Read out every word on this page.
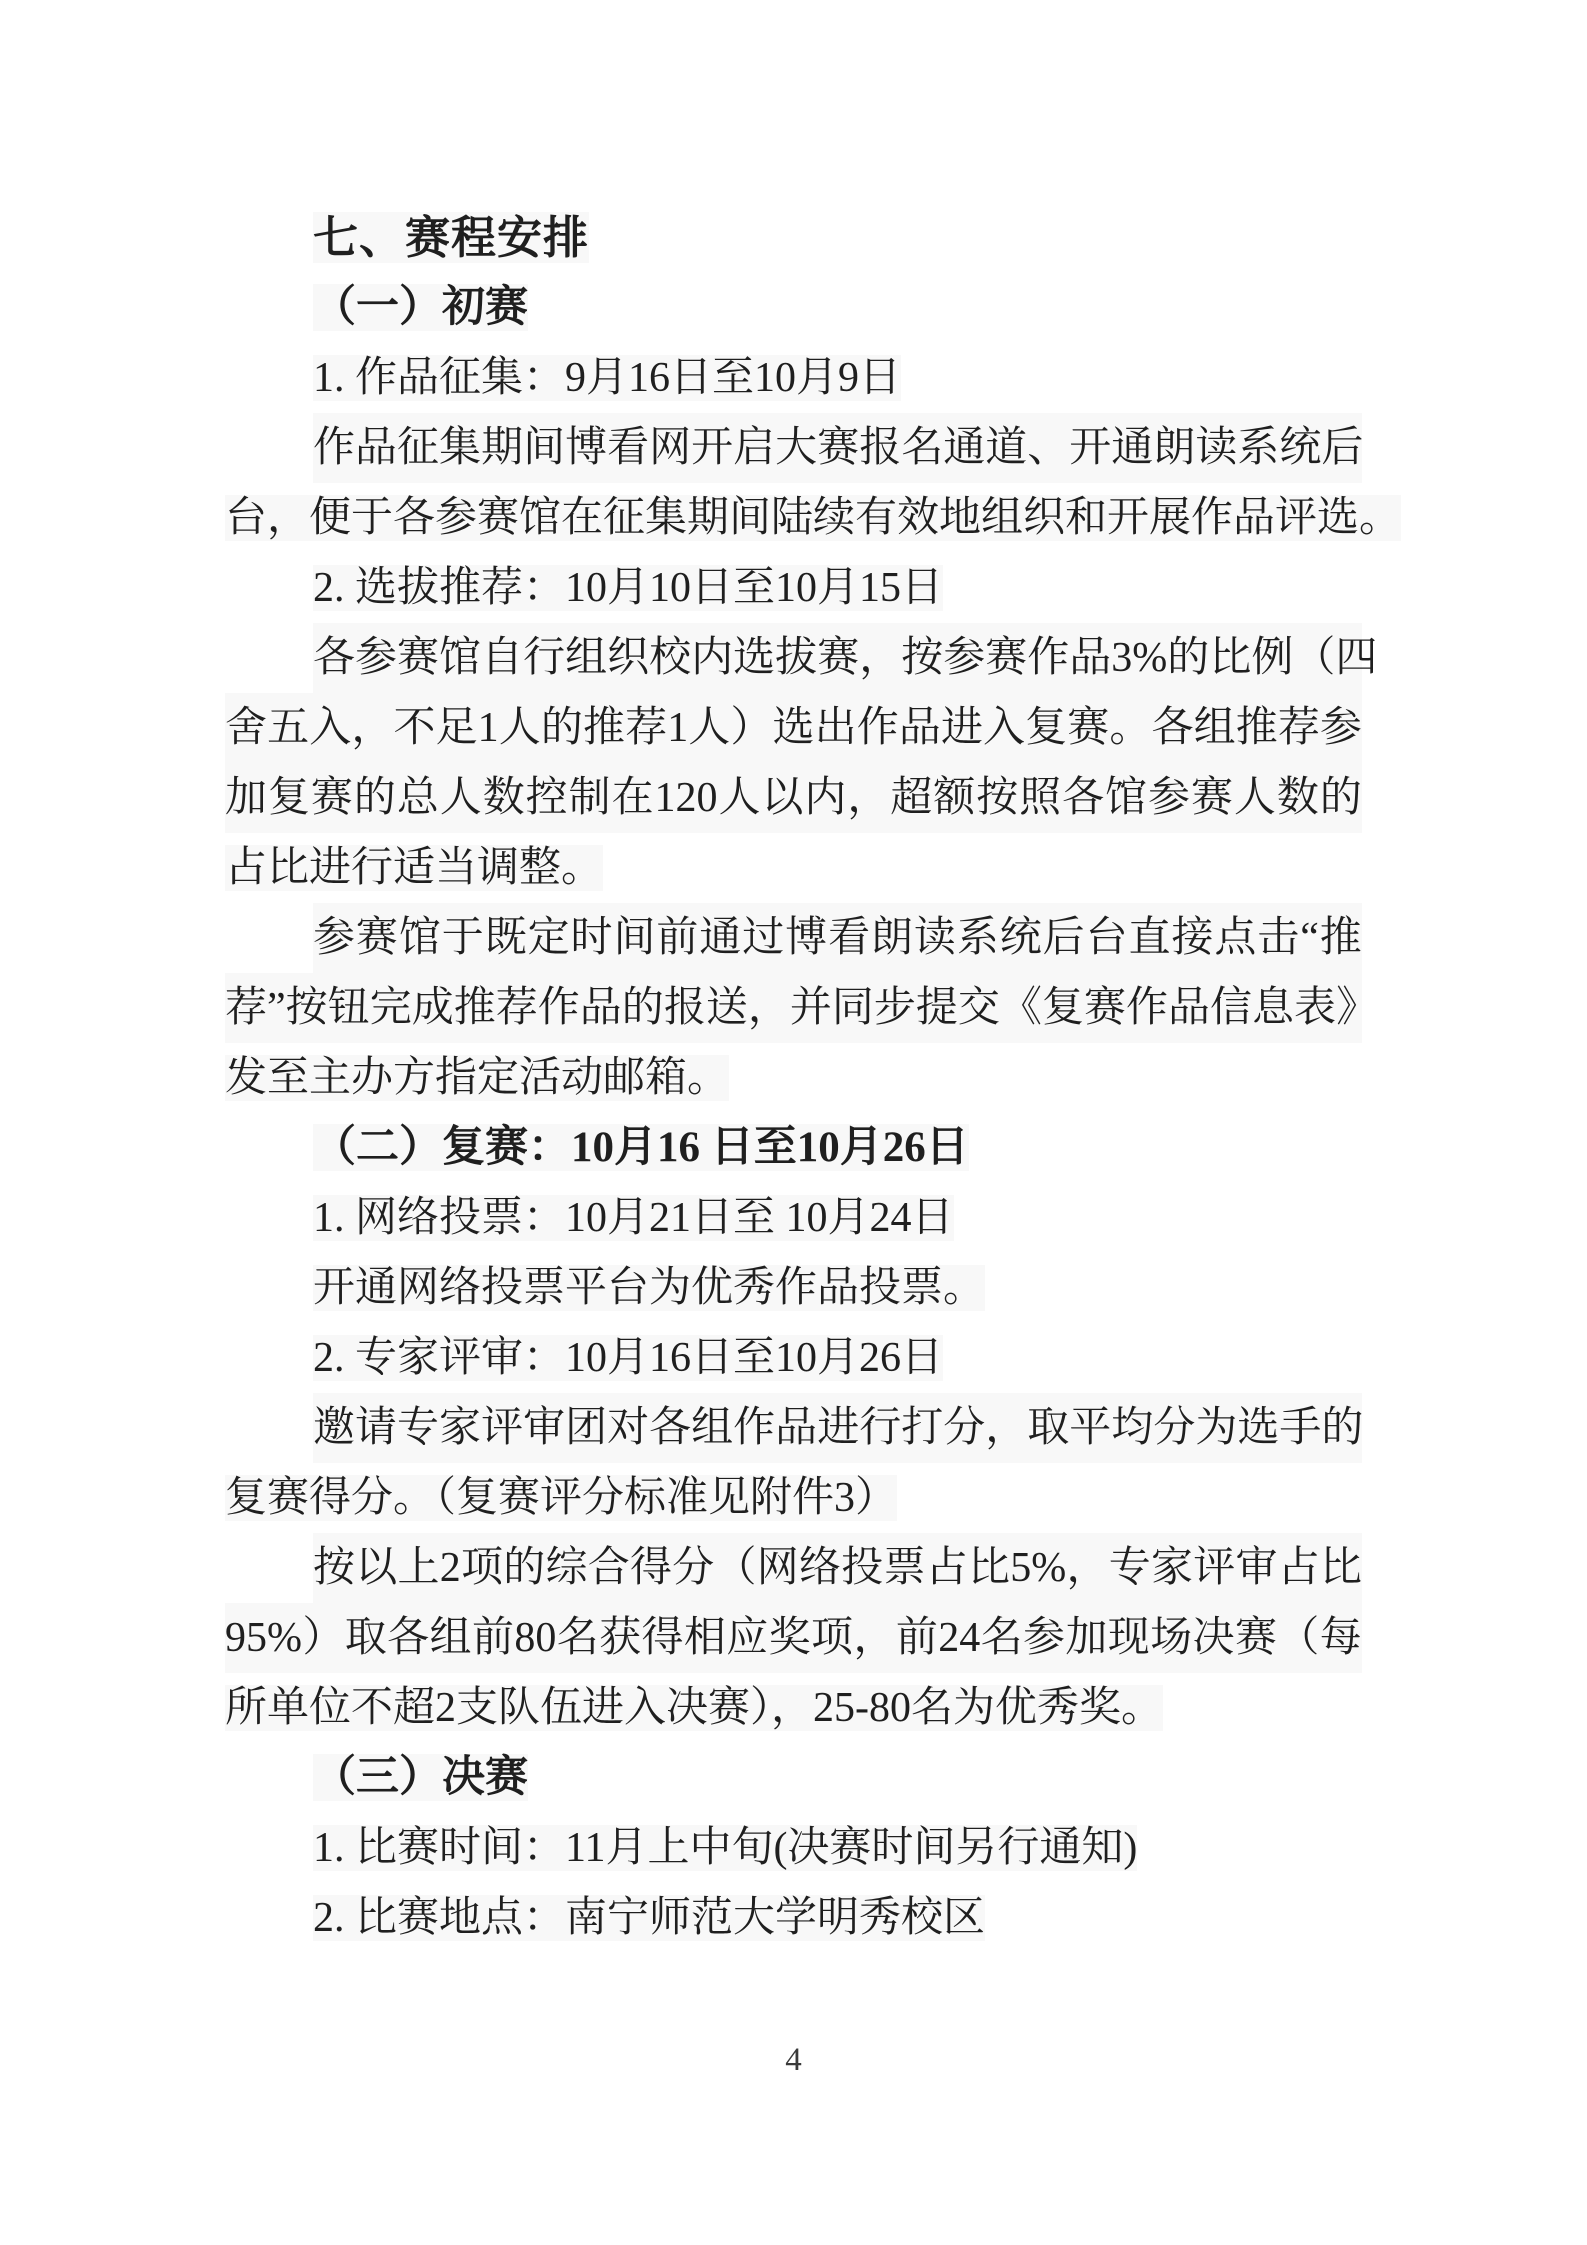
七、赛程安排
（一）初赛
1. 作品征集：9月16日至10月9日
作 品 征 集 期 间 博 看 网 开 启 大 赛 报 名 通 道 、 开 通 朗 读 系 统 后
台，便于各参赛馆在征集期间陆续有效地组织和开展作品评选。
2. 选拔推荐：10月10日至10月15日
各 参 赛 馆 自 行 组 织 校 内 选 拔 赛 ， 按 参 赛 作 品 3% 的 比 例 （ 四
舍 五 入 ， 不 足 1 人 的 推 荐 1 人 ） 选 出 作 品 进 入 复 赛 。 各 组 推 荐 参
加 复 赛 的 总 人 数 控 制 在 120 人 以 内 ， 超 额 按 照 各 馆 参 赛 人 数 的
占比进行适当调整。
参 赛 馆 于 既 定 时 间 前 通 过 博 看 朗 读 系 统 后 台 直 接 点 击 “ 推
荐 ” 按 钮 完 成 推 荐 作 品 的 报 送 ， 并 同 步 提 交 《 复 赛 作 品 信 息 表 》
发至主办方指定活动邮箱。
（二）复赛：10月16 日至10月26日
1. 网络投票：10月21日至 10月24日
开通网络投票平台为优秀作品投票。
2. 专家评审：10月16日至10月26日
邀 请 专 家 评 审 团 对 各 组 作 品 进 行 打 分 ， 取 平 均 分 为 选 手 的
复赛得分。（复赛评分标准见附件3）
按 以 上 2 项 的 综 合 得 分 （ 网 络 投 票 占 比 5% ， 专 家 评 审 占 比
95% ） 取 各 组 前 80 名 获 得 相 应 奖 项 ， 前 24 名 参 加 现 场 决 赛 （ 每
所单位不超2支队伍进入决赛），25-80名为优秀奖。
（三）决赛
1. 比赛时间：11月上中旬(决赛时间另行通知)
2. 比赛地点：南宁师范大学明秀校区
4
